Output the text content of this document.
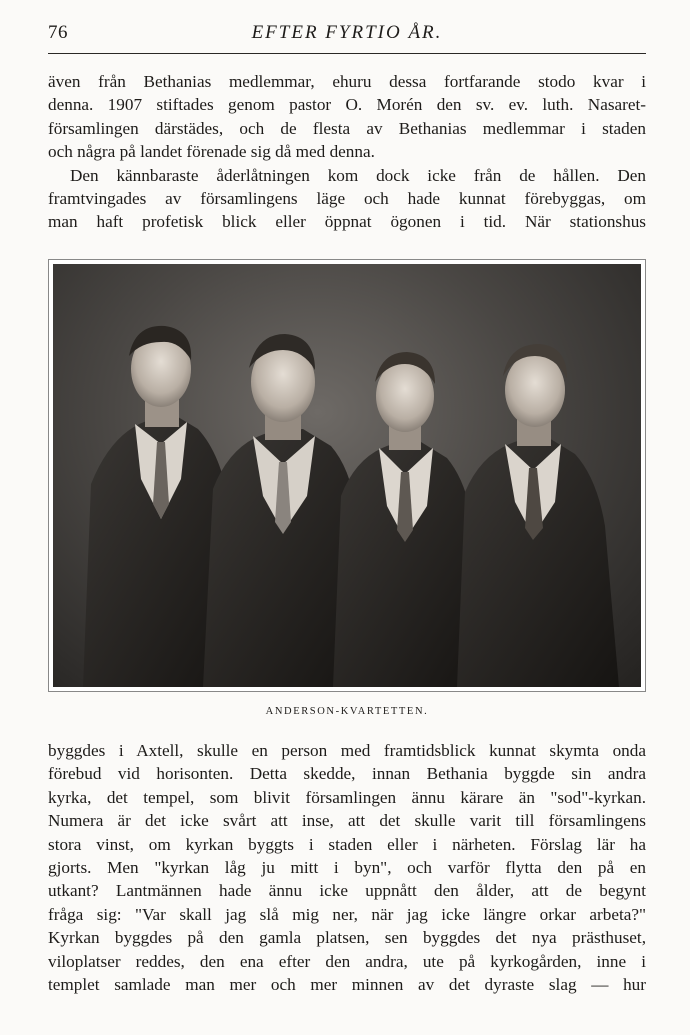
76	EFTER FYRTIO ÅR.
även från Bethanias medlemmar, ehuru dessa fortfarande stodo kvar i
denna. 1907 stiftades genom pastor O. Morén den sv. ev. luth. Nasaret-
församlingen därstädes, och de flesta av Bethanias medlemmar i staden
och några på landet förenade sig då med denna.
Den kännbaraste åderlåtningen kom dock icke från de hållen. Den
framtvingades av församlingens läge och hade kunnat förebyggas, om
man haft profetisk blick eller öppnat ögonen i tid. När stationshus
ANDERSON-KVARTETTEN.
byggdes i Axtell, skulle en person med framtidsblick kunnat skymta onda
förebud vid horisonten. Detta skedde, innan Bethania byggde sin andra
kyrka, det tempel, som blivit församlingen ännu kärare än "sod"-kyrkan.
Numera är det icke svårt att inse, att det skulle varit till församlingens
stora vinst, om kyrkan byggts i staden eller i närheten. Förslag lär ha
gjorts. Men "kyrkan låg ju mitt i byn", och varför flytta den på en
utkant? Lantmännen hade ännu icke uppnått den ålder, att de begynt
fråga sig: "Var skall jag slå mig ner, när jag icke längre orkar arbeta?"
Kyrkan byggdes på den gamla platsen, sen byggdes det nya prästhuset,
viloplatser reddes, den ena efter den andra, ute på kyrkogården, inne i
templet samlade man mer och mer minnen av det dyraste slag — hur
